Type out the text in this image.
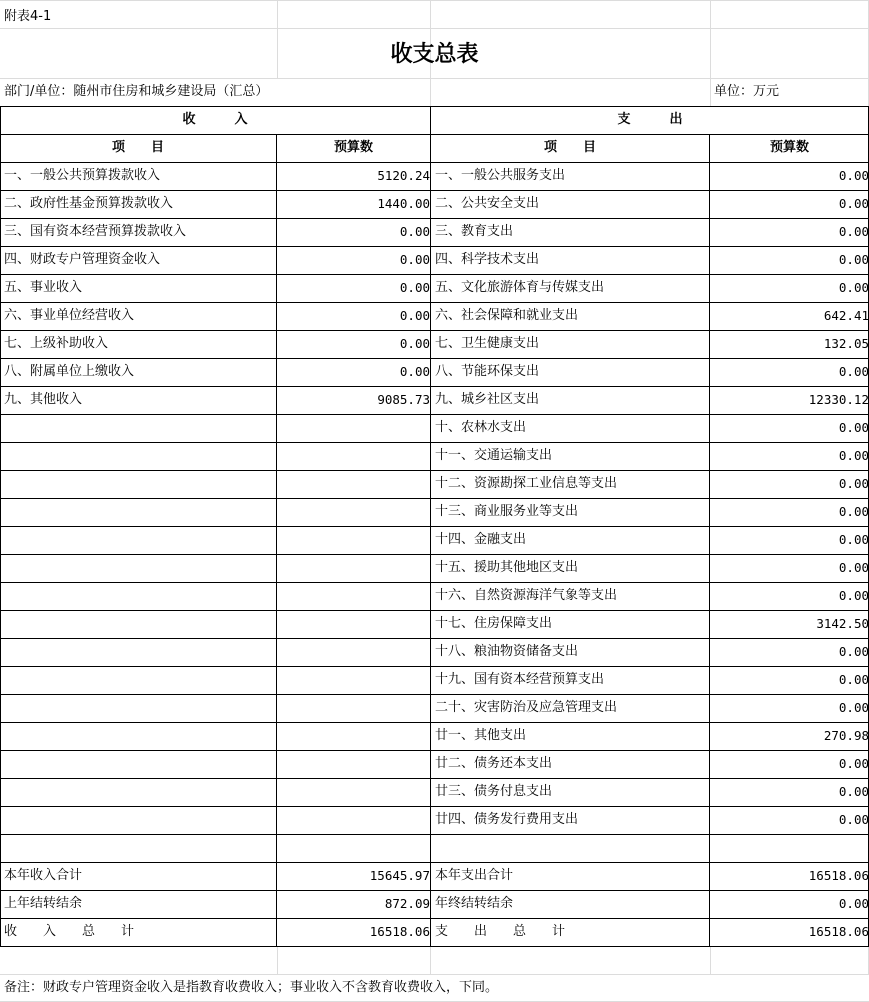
附表4-1
收支总表
部门/单位：随州市住房和城乡建设局（汇总）	单位：万元
收　　　入	支　　　出
项　　目	预算数	项　　目	预算数
一、一般公共预算拨款收入	5120.24 一、一般公共服务支出	0.00
二、政府性基金预算拨款收入	1440.00 二、公共安全支出	0.00
三、国有资本经营预算拨款收入	0.00 三、教育支出	0.00
四、财政专户管理资金收入	0.00 四、科学技术支出	0.00
五、事业收入	0.00 五、文化旅游体育与传媒支出	0.00
六、事业单位经营收入	0.00 六、社会保障和就业支出	642.41
七、上级补助收入	0.00 七、卫生健康支出	132.05
八、附属单位上缴收入	0.00 八、节能环保支出	0.00
九、其他收入	9085.73 九、城乡社区支出	12330.12
十、农林水支出	0.00
十一、交通运输支出	0.00
十二、资源勘探工业信息等支出	0.00
十三、商业服务业等支出	0.00
十四、金融支出	0.00
十五、援助其他地区支出	0.00
十六、自然资源海洋气象等支出	0.00
十七、住房保障支出	3142.50
十八、粮油物资储备支出	0.00
十九、国有资本经营预算支出	0.00
二十、灾害防治及应急管理支出	0.00
廿一、其他支出	270.98
廿二、债务还本支出	0.00
廿三、债务付息支出	0.00
廿四、债务发行费用支出	0.00
本年收入合计	15645.97 本年支出合计	16518.06
上年结转结余	872.09 年终结转结余	0.00
收　　入　　总　　计	16518.06 支　　出　　总　　计	16518.06
备注：财政专户管理资金收入是指教育收费收入；事业收入不含教育收费收入，下同。
